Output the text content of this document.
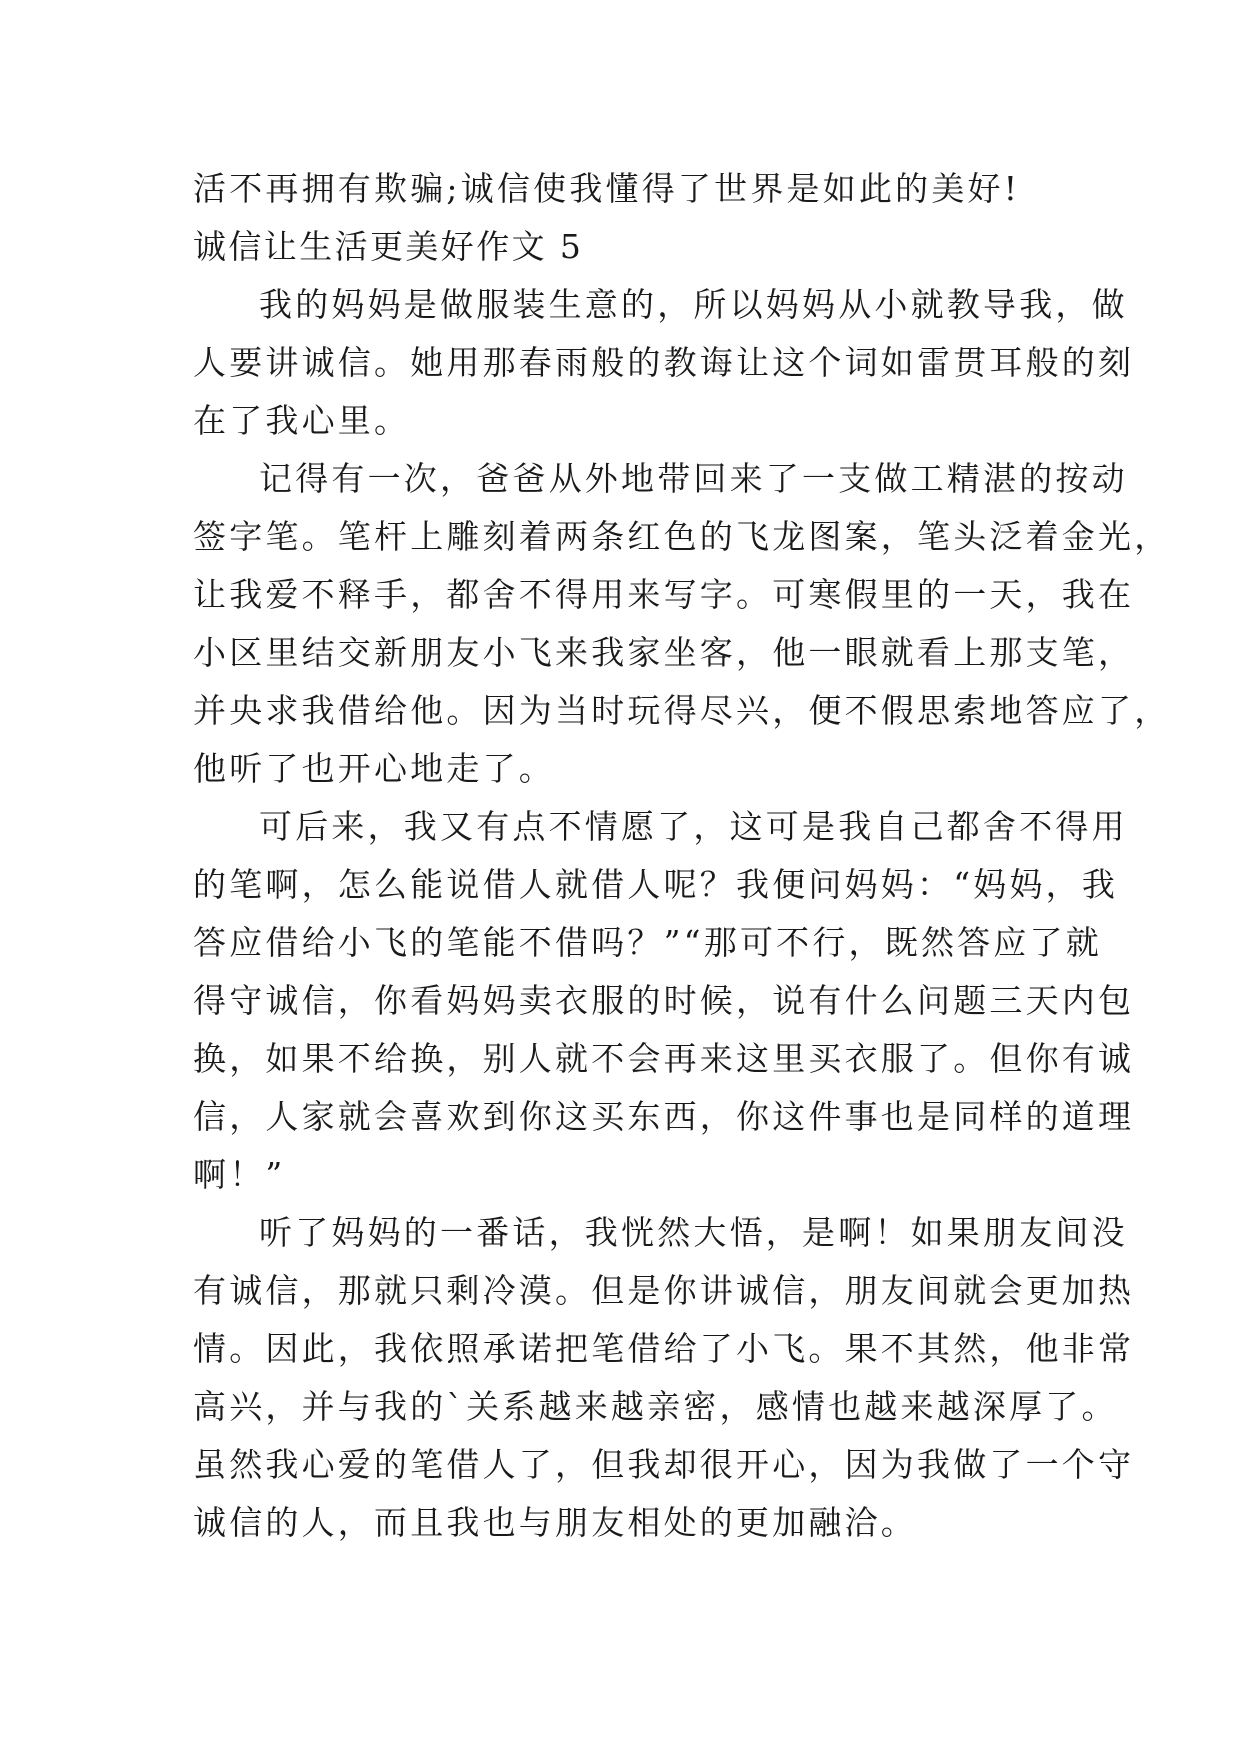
活不再拥有欺骗;诚信使我懂得了世界是如此的美好!
诚信让生活更美好作文 5
我的妈妈是做服装生意的，所以妈妈从小就教导我，做
人要讲诚信。她用那春雨般的教诲让这个词如雷贯耳般的刻
在了我心里。
记得有一次，爸爸从外地带回来了一支做工精湛的按动
签字笔。笔杆上雕刻着两条红色的飞龙图案，笔头泛着金光，
让我爱不释手，都舍不得用来写字。可寒假里的一天，我在
小区里结交新朋友小飞来我家坐客，他一眼就看上那支笔，
并央求我借给他。因为当时玩得尽兴，便不假思索地答应了，
他听了也开心地走了。
可后来，我又有点不情愿了，这可是我自己都舍不得用
的笔啊，怎么能说借人就借人呢？我便问妈妈：“妈妈，我
答应借给小飞的笔能不借吗？”“那可不行，既然答应了就
得守诚信，你看妈妈卖衣服的时候，说有什么问题三天内包
换，如果不给换，别人就不会再来这里买衣服了。但你有诚
信，人家就会喜欢到你这买东西，你这件事也是同样的道理
啊！”
听了妈妈的一番话，我恍然大悟，是啊！如果朋友间没
有诚信，那就只剩冷漠。但是你讲诚信，朋友间就会更加热
情。因此，我依照承诺把笔借给了小飞。果不其然，他非常
高兴，并与我的`关系越来越亲密，感情也越来越深厚了。
虽然我心爱的笔借人了，但我却很开心，因为我做了一个守
诚信的人，而且我也与朋友相处的更加融洽。
